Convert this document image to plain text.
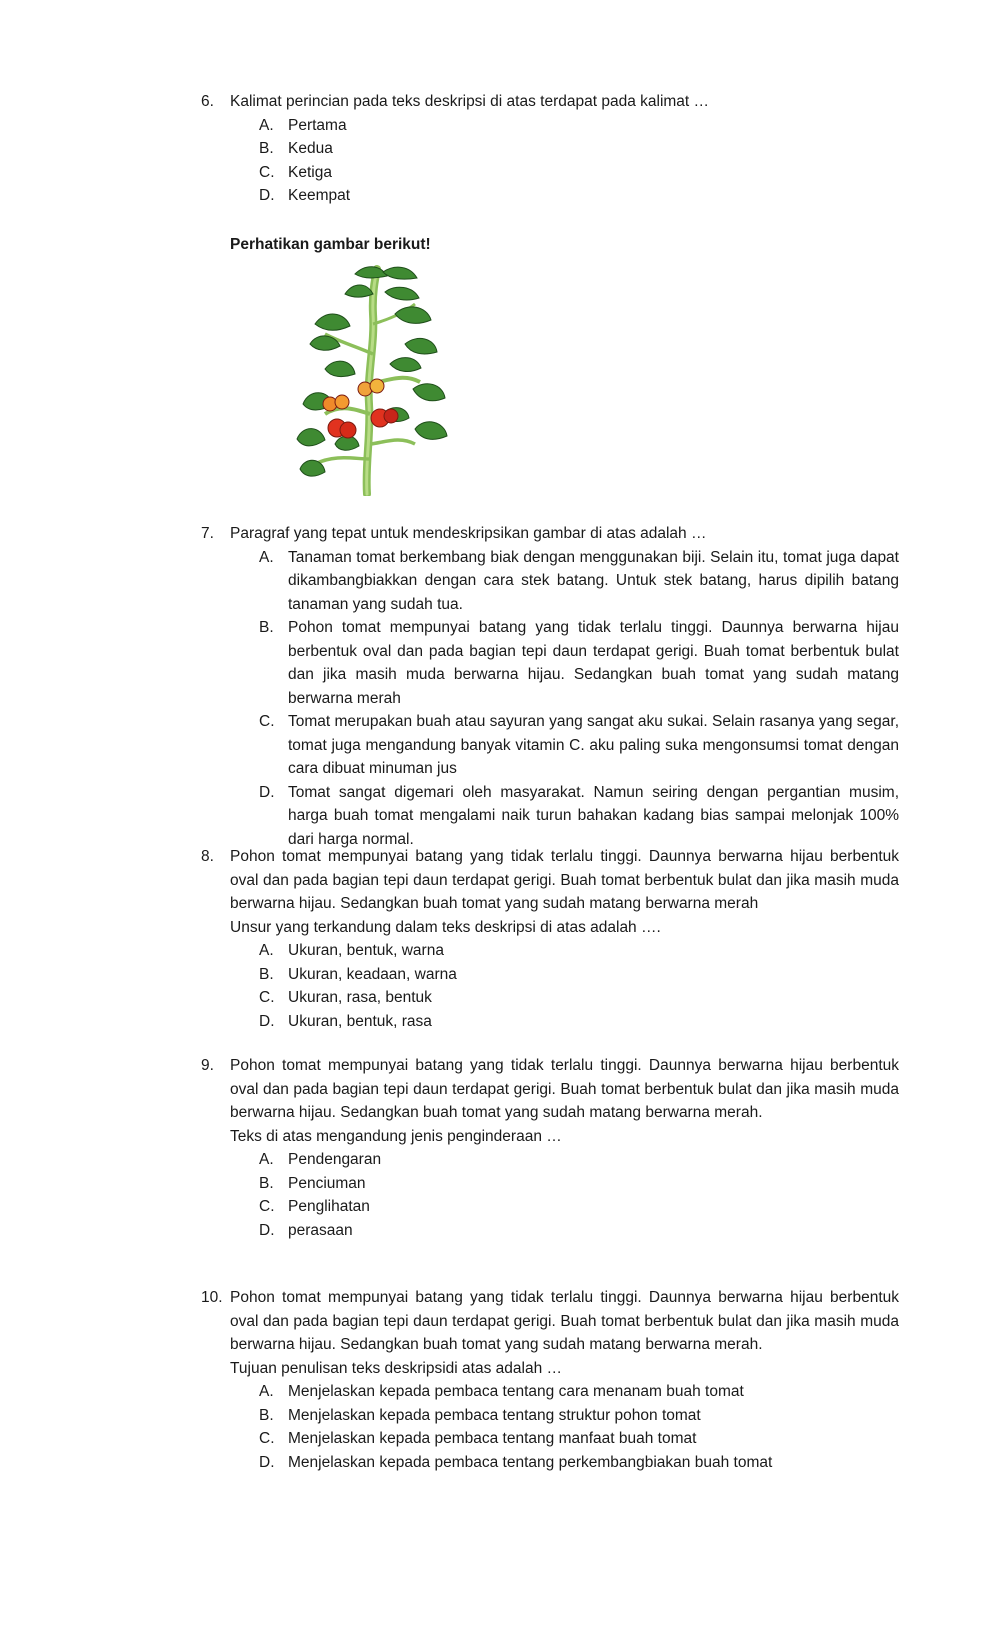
6. Kalimat perincian pada teks deskripsi di atas terdapat pada kalimat …
A. Pertama
B. Kedua
C. Ketiga
D. Keempat
Perhatikan gambar berikut!
7. Paragraf yang tepat untuk mendeskripsikan gambar di atas adalah …
A. Tanaman tomat berkembang biak dengan menggunakan biji. Selain itu, tomat juga dapat dikambangbiakkan dengan cara stek batang. Untuk stek batang, harus dipilih batang tanaman yang sudah tua.
B. Pohon tomat mempunyai batang yang tidak terlalu tinggi. Daunnya berwarna hijau berbentuk oval dan pada bagian tepi daun terdapat gerigi. Buah tomat berbentuk bulat dan jika masih muda berwarna hijau. Sedangkan buah tomat yang sudah matang berwarna merah
C. Tomat merupakan buah atau sayuran yang sangat aku sukai. Selain rasanya yang segar, tomat juga mengandung banyak vitamin C. aku paling suka mengonsumsi tomat dengan cara dibuat minuman jus
D. Tomat sangat digemari oleh masyarakat. Namun seiring dengan pergantian musim, harga buah tomat mengalami naik turun bahakan kadang bias sampai melonjak 100% dari harga normal.
8. Pohon tomat mempunyai batang yang tidak terlalu tinggi. Daunnya berwarna hijau berbentuk oval dan pada bagian tepi daun terdapat gerigi. Buah tomat berbentuk bulat dan jika masih muda berwarna hijau. Sedangkan buah tomat yang sudah matang berwarna merah
Unsur yang terkandung dalam teks deskripsi di atas adalah ….
A. Ukuran, bentuk, warna
B. Ukuran, keadaan, warna
C. Ukuran, rasa, bentuk
D. Ukuran, bentuk, rasa
9. Pohon tomat mempunyai batang yang tidak terlalu tinggi. Daunnya berwarna hijau berbentuk oval dan pada bagian tepi daun terdapat gerigi. Buah tomat berbentuk bulat dan jika masih muda berwarna hijau. Sedangkan buah tomat yang sudah matang berwarna merah.
Teks di atas mengandung jenis penginderaan …
A. Pendengaran
B. Penciuman
C. Penglihatan
D. perasaan
10. Pohon tomat mempunyai batang yang tidak terlalu tinggi. Daunnya berwarna hijau berbentuk oval dan pada bagian tepi daun terdapat gerigi. Buah tomat berbentuk bulat dan jika masih muda berwarna hijau. Sedangkan buah tomat yang sudah matang berwarna merah.
Tujuan penulisan teks deskripsidi atas adalah …
A. Menjelaskan kepada pembaca tentang cara menanam buah tomat
B. Menjelaskan kepada pembaca tentang struktur pohon tomat
C. Menjelaskan kepada pembaca tentang manfaat buah tomat
D. Menjelaskan kepada pembaca tentang perkembangbiakan buah tomat
